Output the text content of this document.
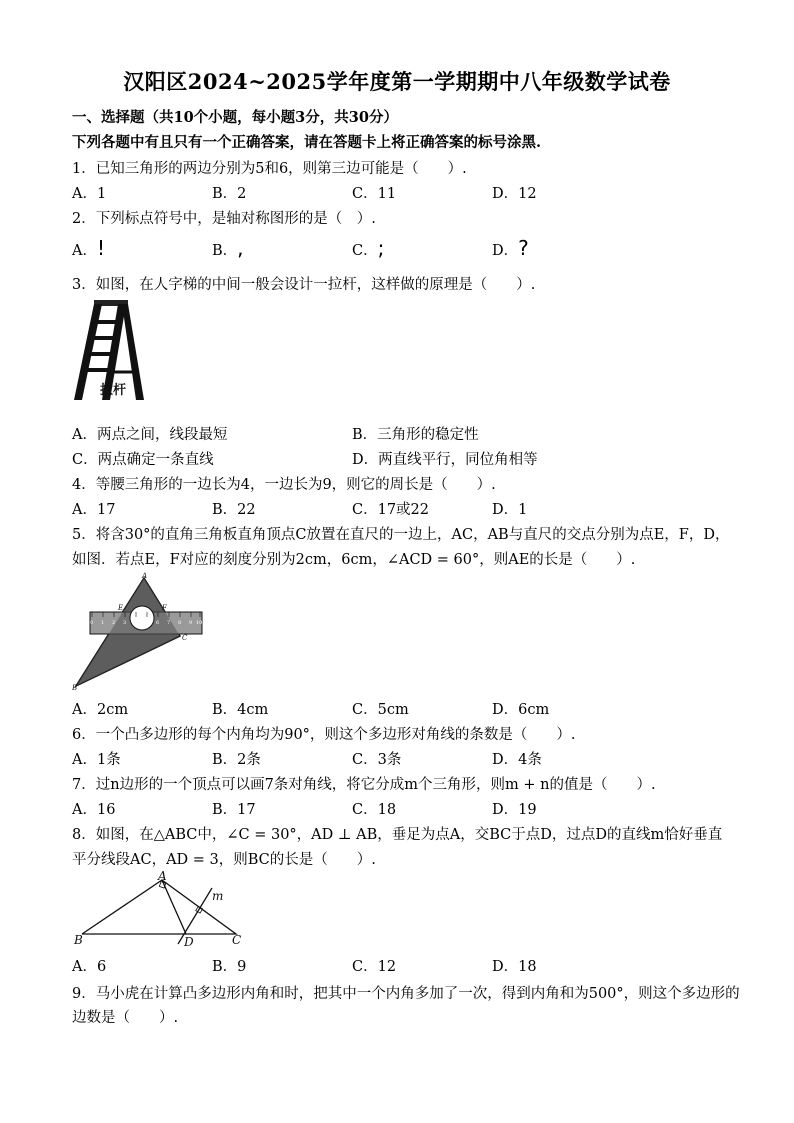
汉阳区2024~2025学年度第一学期期中八年级数学试卷
一、选择题（共10个小题，每小题3分，共30分）
下列各题中有且只有一个正确答案，请在答题卡上将正确答案的标号涂黑.
1．已知三角形的两边分别为5和6，则第三边可能是（　　）.
A．1	B．2	C．11	D．12
2．下列标点符号中，是轴对称图形的是（　）.
A．!	B．,	C．;	D．?
3．如图，在人字梯的中间一般会设计一拉杆，这样做的原理是（　　）.
拉杆
A．两点之间，线段最短	B．三角形的稳定性
C．两点确定一条直线	D．两直线平行，同位角相等
4．等腰三角形的一边长为4，一边长为9，则它的周长是（　　）.
A．17	B．22	C．17或22	D．1
5．将含30°的直角三角板直角顶点C放置在直尺的一边上，AC，AB与直尺的交点分别为点E，F，D，
如图．若点E，F对应的刻度分别为2cm，6cm，∠ACD = 60°，则AE的长是（　　）.
0 1 2 3 4 5 6 7 8 9 10
A
E	F
C
B
A．2cm	B．4cm	C．5cm	D．6cm
6．一个凸多边形的每个内角均为90°，则这个多边形对角线的条数是（　　）.
A．1条	B．2条	C．3条	D．4条
7．过n边形的一个顶点可以画7条对角线，将它分成m个三角形，则m + n的值是（　　）.
A．16	B．17	C．18	D．19
8．如图，在△ABC中，∠C = 30°，AD ⊥ AB，垂足为点A，交BC于点D，过点D的直线m恰好垂直
平分线段AC，AD = 3，则BC的长是（　　）.
A
m
B	D	C
A．6	B．9	C．12	D．18
9．马小虎在计算凸多边形内角和时，把其中一个内角多加了一次，得到内角和为500°，则这个多边形的
边数是（　　）.
